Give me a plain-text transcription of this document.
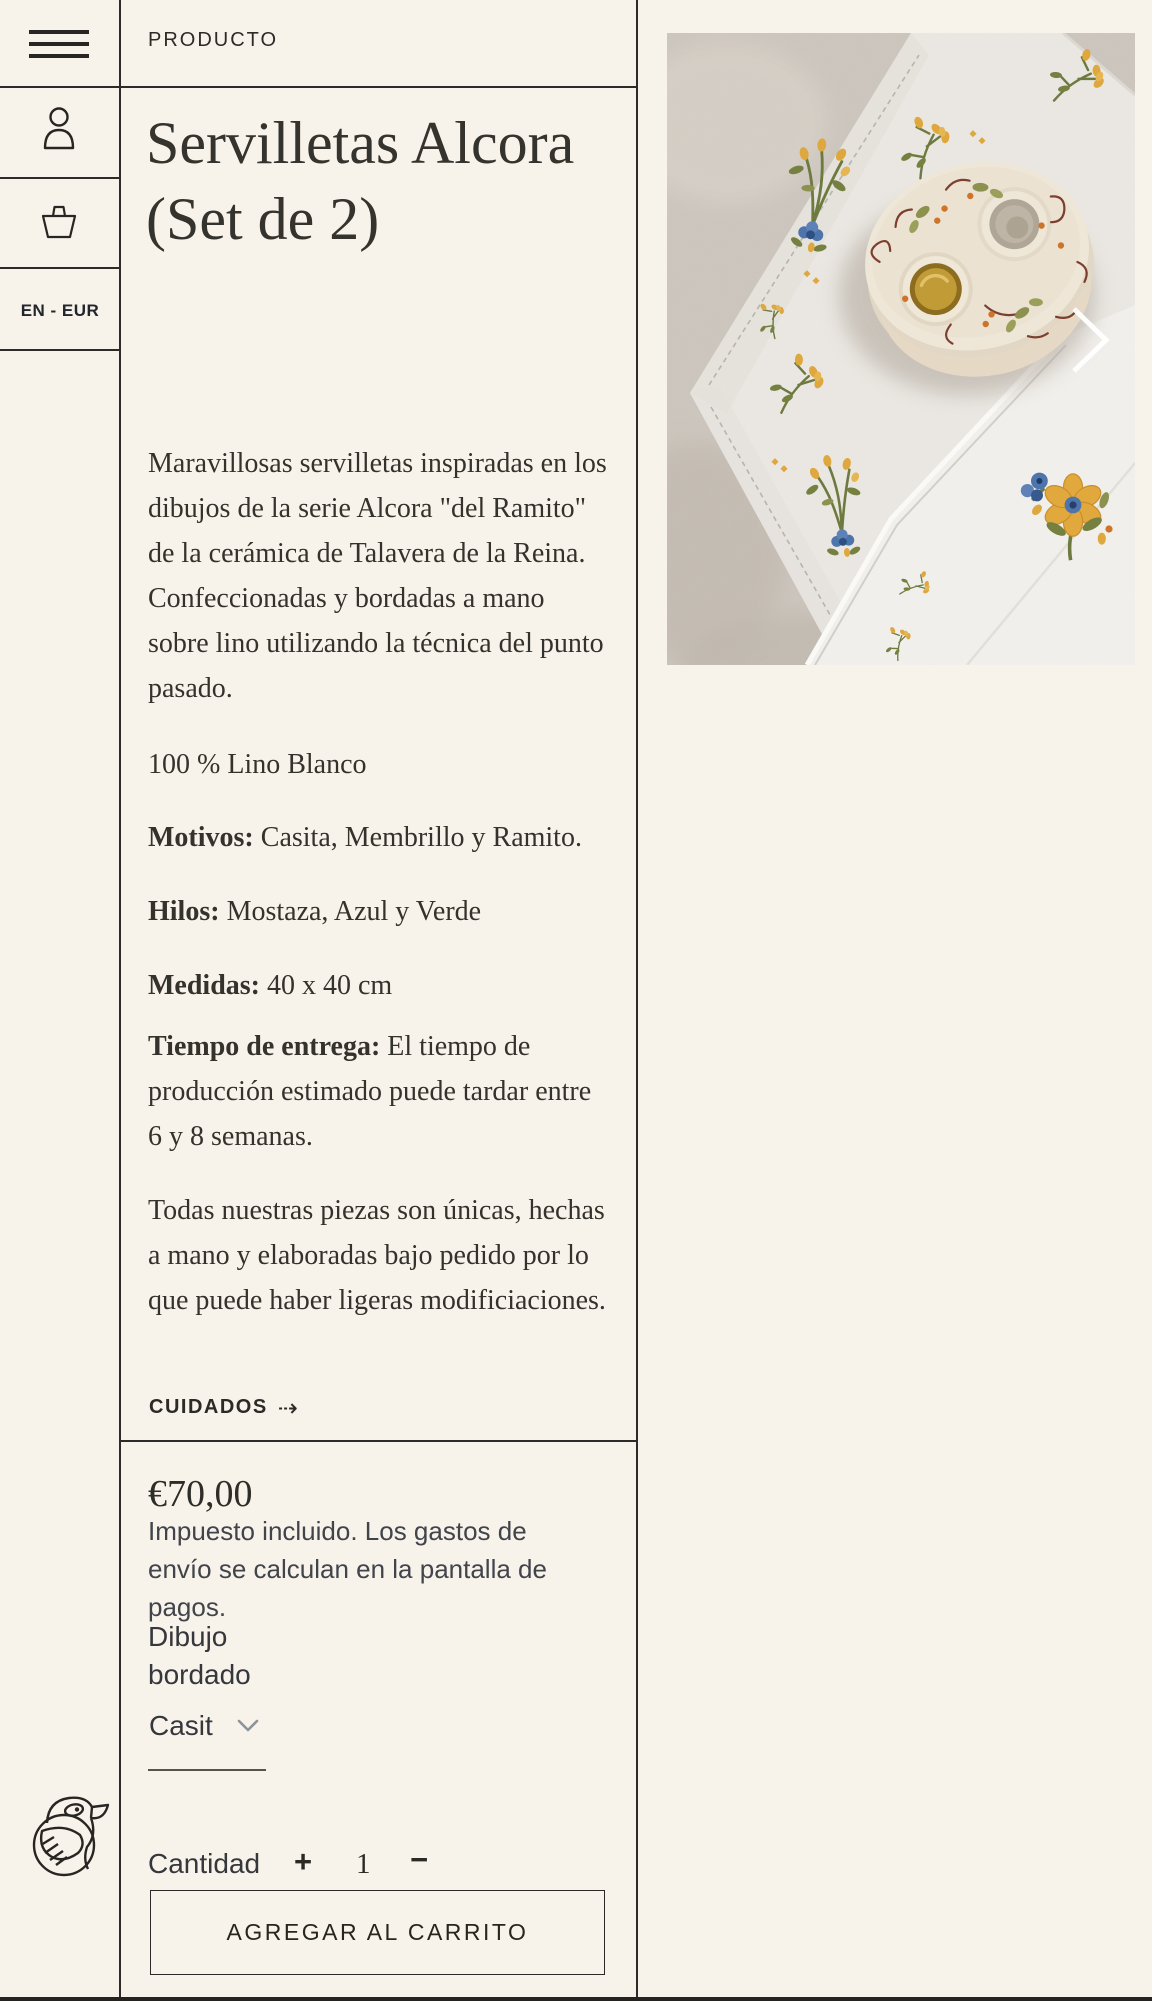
EN - EUR
PRODUCTO
Servilletas Alcora (Set de 2)

Maravillosas servilletas inspiradas en los dibujos de la serie Alcora "del Ramito" de la cerámica de Talavera de la Reina. Confeccionadas y bordadas a mano sobre lino utilizando la técnica del punto pasado.

100 % Lino Blanco
Motivos: Casita, Membrillo y Ramito.
Hilos: Mostaza, Azul y Verde
Medidas: 40 x 40 cm

Tiempo de entrega: El tiempo de producción estimado puede tardar entre 6 y 8 semanas.

Todas nuestras piezas son únicas, hechas a mano y elaboradas bajo pedido por lo que puede haber ligeras modificiaciones.

CUIDADOS ⇢
€70,00
Impuesto incluido. Los gastos de envío se calculan en la pantalla de pagos.
Dibujo bordado
Casit
Cantidad + 1 −
AGREGAR AL CARRITO
